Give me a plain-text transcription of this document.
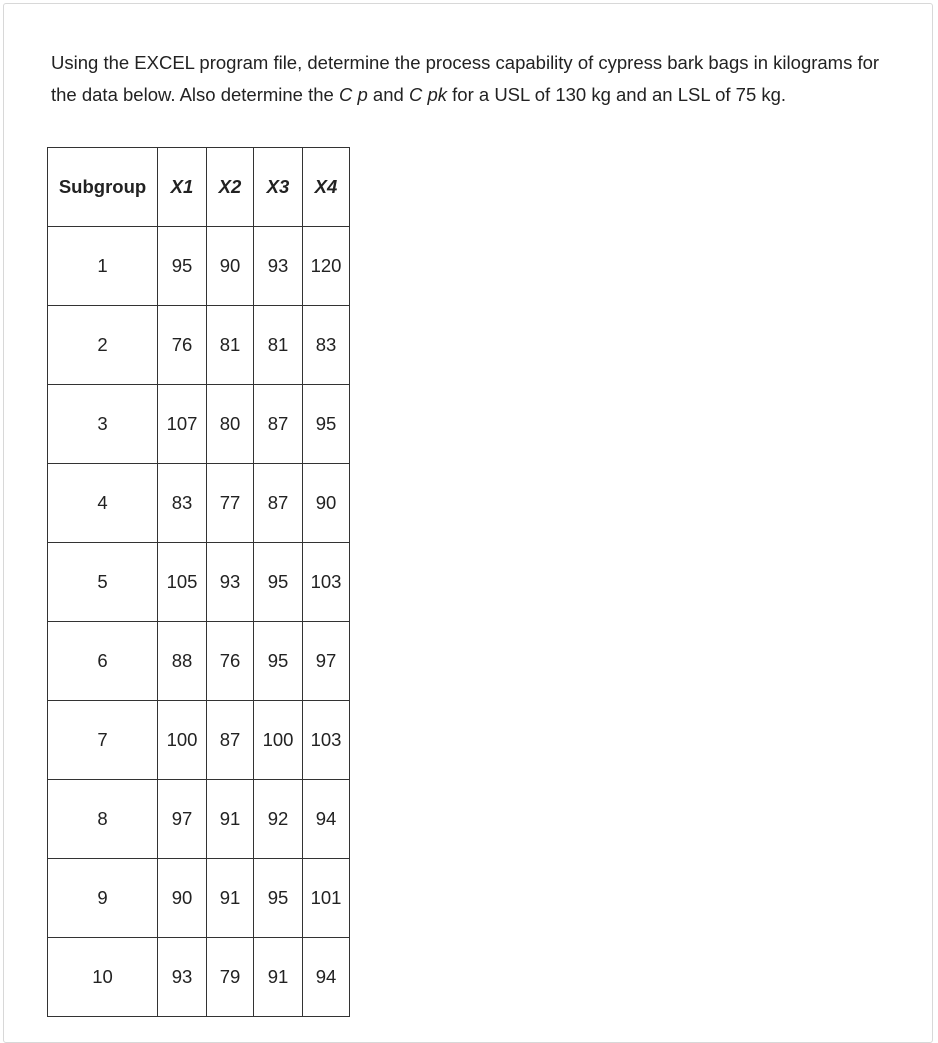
Using the EXCEL program file, determine the process capability of cypress bark bags in kilograms for the data below. Also determine the C p and C pk for a USL of 130 kg and an LSL of 75 kg.
Subgroup	X1	X2	X3	X4
1	95	90	93	120
2	76	81	81	83
3	107	80	87	95
4	83	77	87	90
5	105	93	95	103
6	88	76	95	97
7	100	87	100	103
8	97	91	92	94
9	90	91	95	101
10	93	79	91	94
